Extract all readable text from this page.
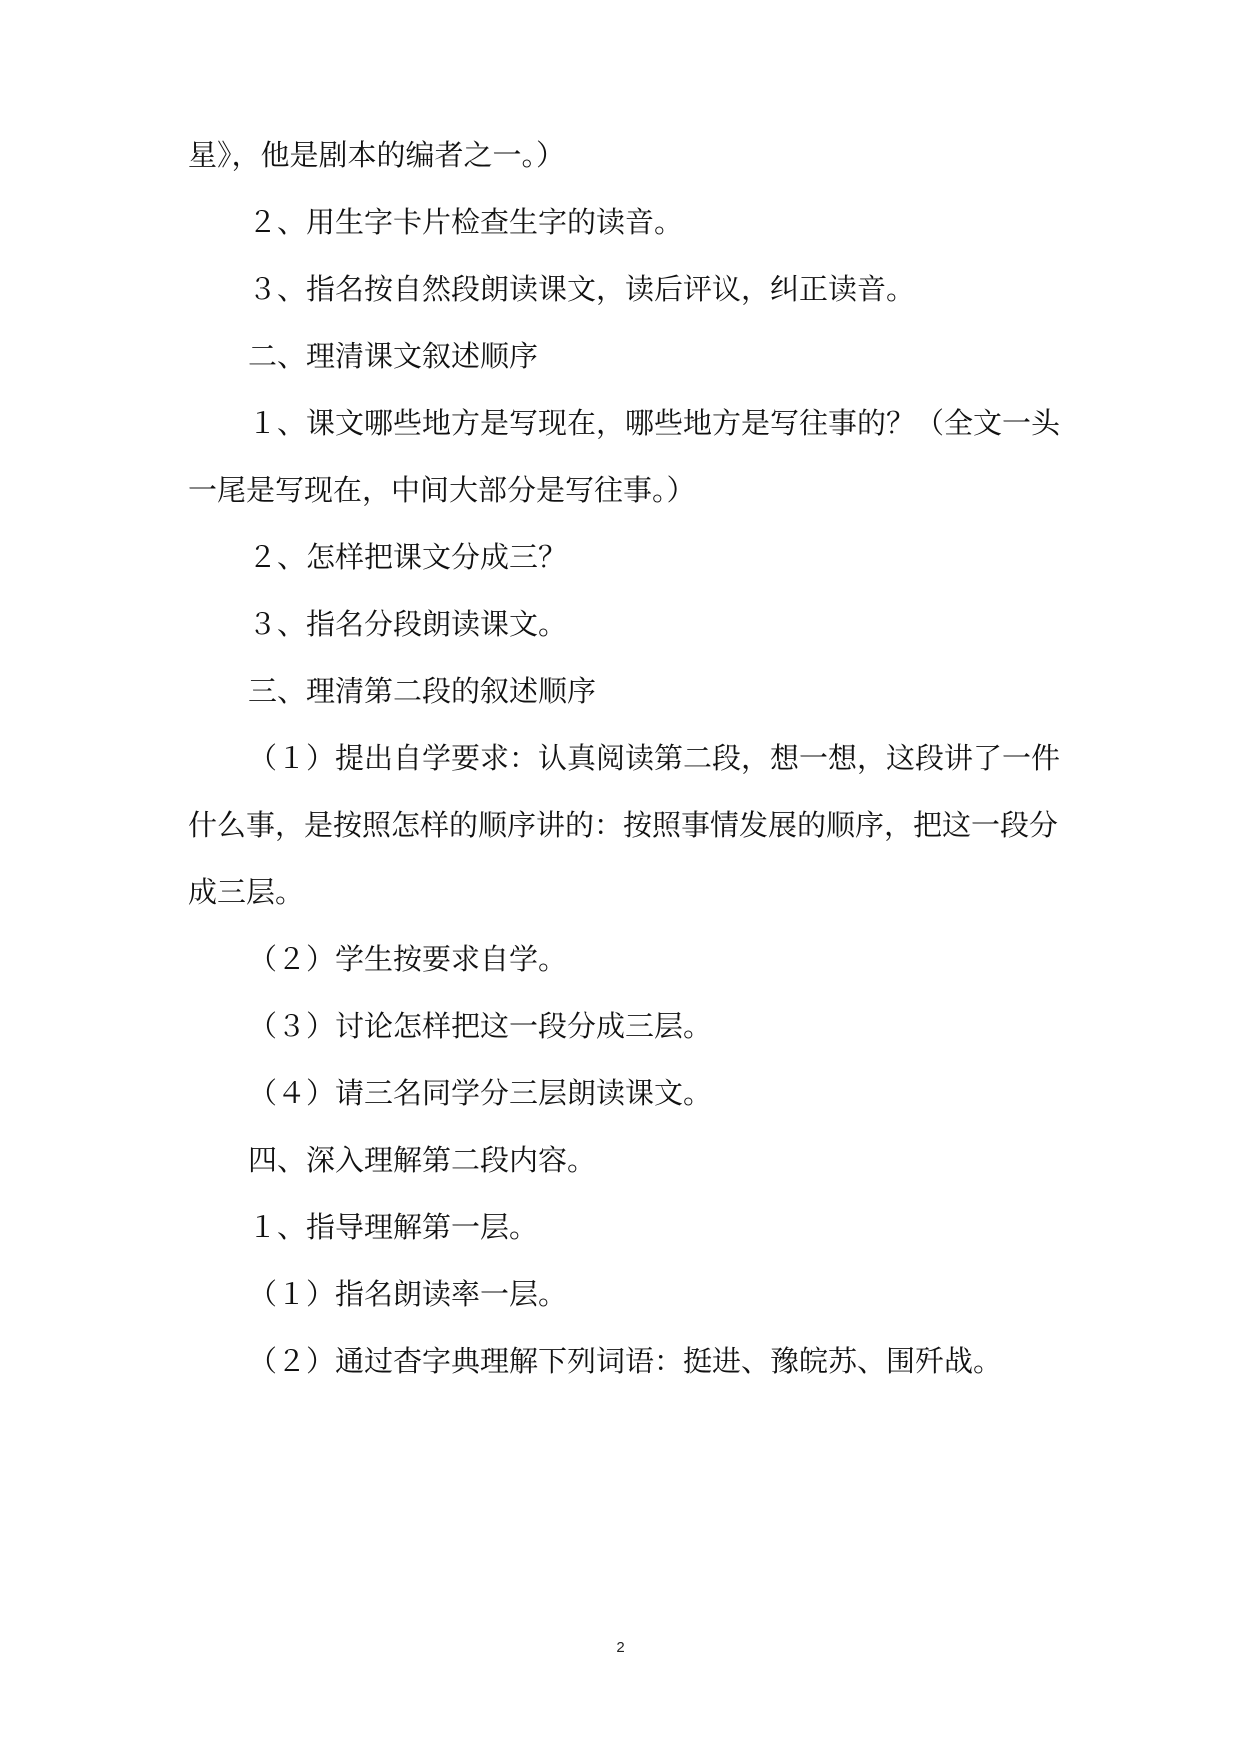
星》，他是剧本的编者之一。）

２、用生字卡片检查生字的读音。

３、指名按自然段朗读课文，读后评议，纠正读音。

二、理清课文叙述顺序

１、课文哪些地方是写现在，哪些地方是写往事的？（全文一头

一尾是写现在，中间大部分是写往事。）

２、怎样把课文分成三？

３、指名分段朗读课文。

三、理清第二段的叙述顺序

（１）提出自学要求：认真阅读第二段，想一想，这段讲了一件

什么事，是按照怎样的顺序讲的：按照事情发展的顺序，把这一段分

成三层。

（２）学生按要求自学。

（３）讨论怎样把这一段分成三层。

（４）请三名同学分三层朗读课文。

四、深入理解第二段内容。

１、指导理解第一层。

（１）指名朗读率一层。

（２）通过杳字典理解下列词语：挺进、豫皖苏、围歼战。

2
